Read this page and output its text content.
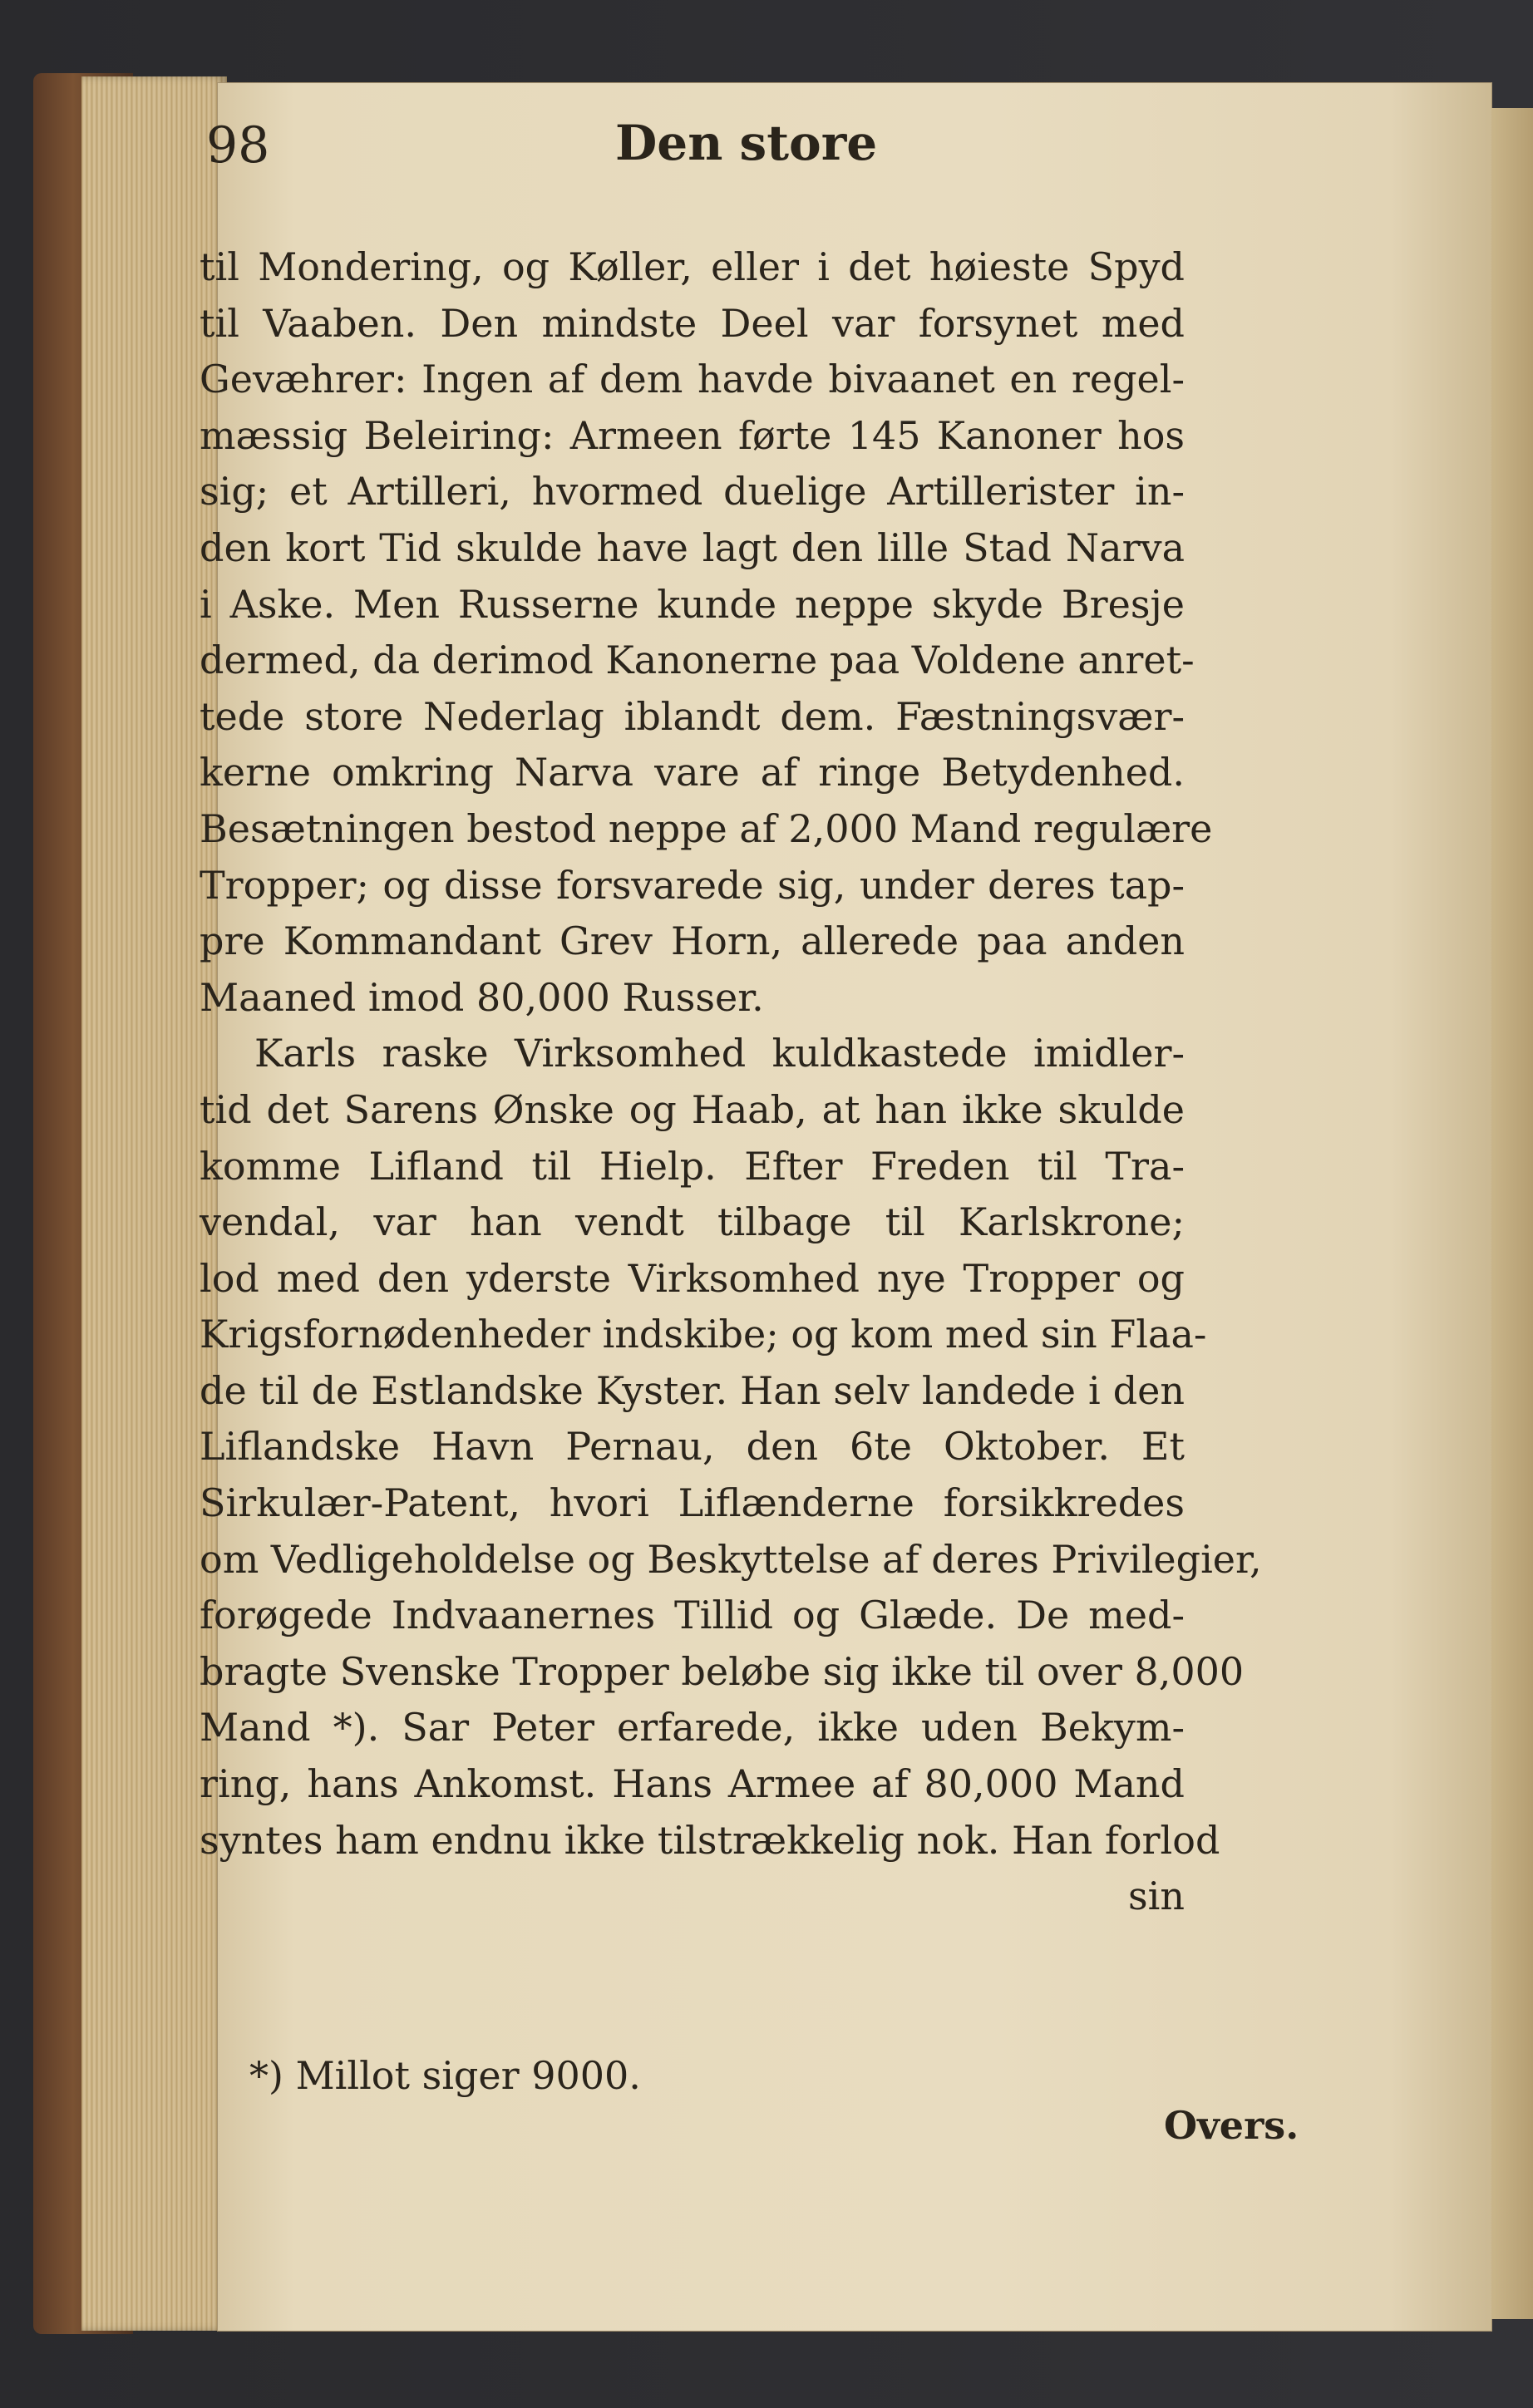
98	Den store

til Mondering, og Køller, eller i det høieste Spyd
til Vaaben. Den mindste Deel var forsynet med
Gevæhrer: Ingen af dem havde bivaanet en regel-
mæssig Beleiring: Armeen førte 145 Kanoner hos
sig; et Artilleri, hvormed duelige Artillerister in-
den kort Tid skulde have lagt den lille Stad Narva
i Aske. Men Russerne kunde neppe skyde Bresje
dermed, da derimod Kanonerne paa Voldene anret-
tede store Nederlag iblandt dem. Fæstningsvær-
kerne omkring Narva vare af ringe Betydenhed.
Besætningen bestod neppe af 2,000 Mand regulære
Tropper; og disse forsvarede sig, under deres tap-
pre Kommandant Grev Horn, allerede paa anden
Maaned imod 80,000 Russer.
Karls raske Virksomhed kuldkastede imidler-
tid det Sarens Ønske og Haab, at han ikke skulde
komme Lifland til Hielp. Efter Freden til Tra-
vendal, var han vendt tilbage til Karlskrone;
lod med den yderste Virksomhed nye Tropper og
Krigsfornødenheder indskibe; og kom med sin Flaa-
de til de Estlandske Kyster. Han selv landede i den
Liflandske Havn Pernau, den 6te Oktober. Et
Sirkulær-Patent, hvori Liflænderne forsikkredes
om Vedligeholdelse og Beskyttelse af deres Privilegier,
forøgede Indvaanernes Tillid og Glæde. De med-
bragte Svenske Tropper beløbe sig ikke til over 8,000
Mand *). Sar Peter erfarede, ikke uden Bekym-
ring, hans Ankomst. Hans Armee af 80,000 Mand
syntes ham endnu ikke tilstrækkelig nok. Han forlod
sin

*) Millot siger 9000.

Overs.
